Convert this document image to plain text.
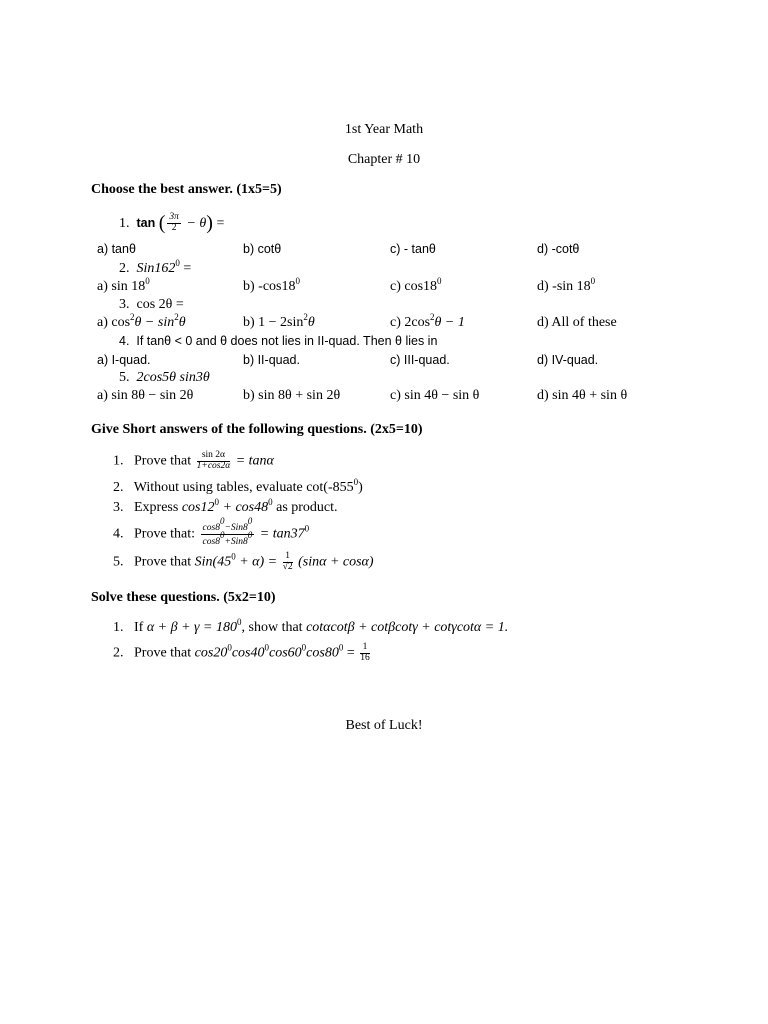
1st Year Math
Chapter # 10
Choose the best answer. (1x5=5)
1. tan ( $\frac{3\pi}{2} - \theta$) =
a) tanθ	b) cotθ	c) - tanθ	d) -cotθ
2. $Sin162^0$ =
a) $\sin 18^0$	b) $-\cos 18^0$	c) $\cos 18^0$	d) -sin $18^0$
3. cos 2θ =
a) $\cos^2\theta - \sin^2\theta$	b) $1 - 2\sin^2\theta$	c) $2\cos^2\theta - 1$	d) All of these
4. If tanθ < 0 and θ does not lies in II-quad. Then θ lies in
a) I-quad.	b) II-quad.	c) III-quad.	d) IV-quad.
5. 2cos5θ sin3θ
a) sin 8θ − sin 2θ	b) sin 8θ + sin 2θ	c) sin 4θ − sin θ	d) sin 4θ + sin θ
Give Short answers of the following questions. (2x5=10)
1. Prove that $\frac{\sin 2\alpha}{1+\cos 2\alpha} = \tan\alpha$
2. Without using tables, evaluate $\cot(-855^0)$
3. Express $\cos 12^0 + \cos 48^0$ as product.
4. Prove that: $\frac{\cos 8^0-Sin8^0}{\cos 8^0+Sin8^0} = \tan 37^0$
5. Prove that $Sin(45^0 + \alpha) = \frac{1}{√2} (\sin\alpha + \cos\alpha)$
Solve these questions. (5x2=10)
1. If $\alpha + \beta + \gamma = 180^0$, show that cotαcotβ + cotβcotγ + cotγcotα = 1.
2. Prove that $\cos 20^0\cos 40^0\cos 60^0\cos 80^0 = \frac{1}{16}$
Best of Luck!
